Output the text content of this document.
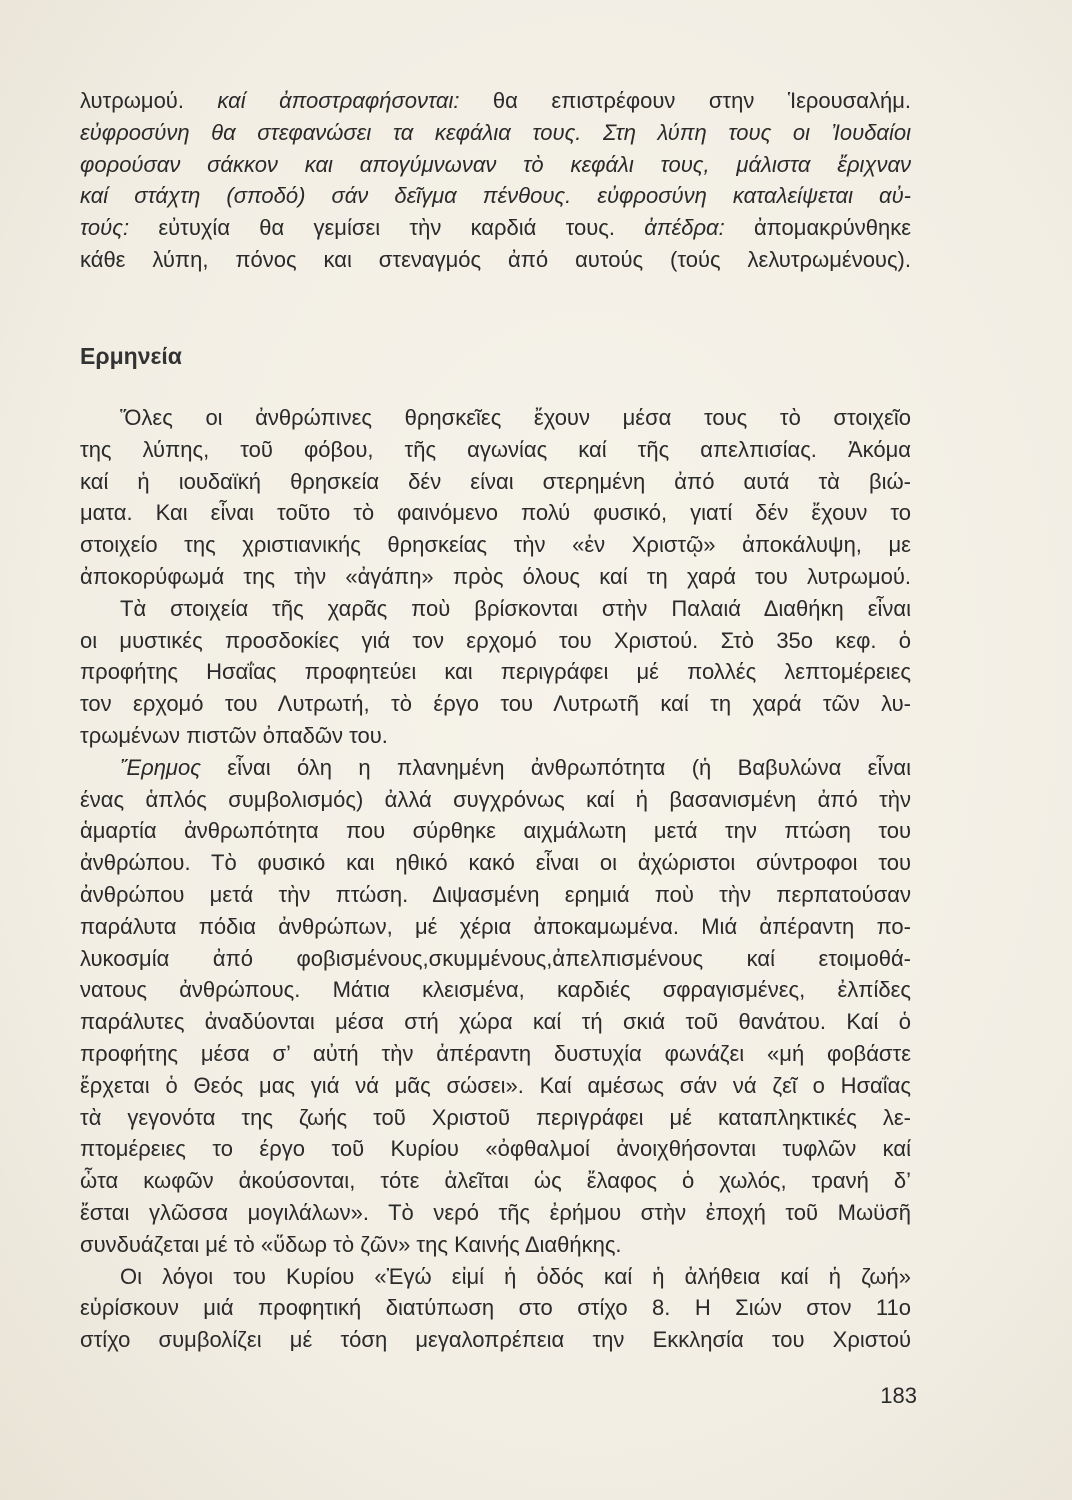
λυτρωμού. καί ἀποστραφήσονται: θα επιστρέφουν στην Ἱερουσαλήμ.
εὐφροσύνη θα στεφανώσει τα κεφάλια τους. Στη λύπη τους οι Ἰουδαίοι
φορούσαν σάκκον και απογύμνωναν τὸ κεφάλι τους, μάλιστα ἔριχναν
καί στάχτη (σποδό) σάν δεῖγμα πένθους. εὐφροσύνη καταλείψεται αὐ-
τούς: εὐτυχία θα γεμίσει τὴν καρδιά τους. ἀπέδρα: ἀπομακρύνθηκε
κάθε λύπη, πόνος και στεναγμός ἀπό αυτούς (τούς λελυτρωμένους).
Ερμηνεία
Ὅλες οι ἀνθρώπινες θρησκεῖες ἔχουν μέσα τους τὸ στοιχεῖο
της λύπης, τοῦ φόβου, τῆς αγωνίας καί τῆς απελπισίας. Ἀκόμα
καί ἡ ιουδαϊκή θρησκεία δέν είναι στερημένη ἀπό αυτά τὰ βιώ-
ματα. Και εἶναι τοῦτο τὸ φαινόμενο πολύ φυσικό, γιατί δέν ἔχουν το
στοιχείο της χριστιανικής θρησκείας τὴν «ἐν Χριστῷ» ἀποκάλυψη, με
ἀποκορύφωμά της τὴν «ἀγάπη» πρὸς όλους καί τη χαρά του λυτρωμού.
Τὰ στοιχεία τῆς χαρᾶς ποὺ βρίσκονται στὴν Παλαιά Διαθήκη εἶναι
οι μυστικές προσδοκίες γιά τον ερχομό του Χριστού. Στὸ 35ο κεφ. ὁ
προφήτης Ησαΐας προφητεύει και περιγράφει μέ πολλές λεπτομέρειες
τον ερχομό του Λυτρωτή, τὸ έργο του Λυτρωτῆ καί τη χαρά τῶν λυ-
τρωμένων πιστῶν ὀπαδῶν του.
Ἔρημος εἶναι όλη η πλανημένη ἀνθρωπότητα (ἡ Βαβυλώνα εἶναι
ένας ἁπλός συμβολισμός) ἀλλά συγχρόνως καί ἡ βασανισμένη ἀπό τὴν
ἁμαρτία ἀνθρωπότητα που σύρθηκε αιχμάλωτη μετά την πτώση του
ἀνθρώπου. Τὸ φυσικό και ηθικό κακό εἶναι οι ἀχώριστοι σύντροφοι του
ἀνθρώπου μετά τὴν πτώση. Διψασμένη ερημιά ποὺ τὴν περπατούσαν
παράλυτα πόδια ἀνθρώπων, μέ χέρια ἀποκαμωμένα. Μιά ἀπέραντη πο-
λυκοσμία ἀπό φοβισμένους,σκυμμένους,ἀπελπισμένους καί ετοιμοθά-
νατους ἀνθρώπους. Μάτια κλεισμένα, καρδιές σφραγισμένες, ἐλπίδες
παράλυτες ἀναδύονται μέσα στή χώρα καί τή σκιά τοῦ θανάτου. Καί ὁ
προφήτης μέσα σ’ αὐτή τὴν ἀπέραντη δυστυχία φωνάζει «μή φοβάστε
ἔρχεται ὁ Θεός μας γιά νά μᾶς σώσει». Καί αμέσως σάν νά ζεῖ ο Ησαΐας
τὰ γεγονότα της ζωής τοῦ Χριστοῦ περιγράφει μέ καταπληκτικές λε-
πτομέρειες το έργο τοῦ Κυρίου «ὀφθαλμοί ἀνοιχθήσονται τυφλῶν καί
ὦτα κωφῶν ἀκούσονται, τότε ἁλεῖται ὡς ἔλαφος ὁ χωλός, τρανή δ’
ἔσται γλῶσσα μογιλάλων». Τὸ νερό τῆς ἐρήμου στὴν ἐποχή τοῦ Μωϋσῆ
συνδυάζεται μέ τὸ «ὕδωρ τὸ ζῶν» της Καινής Διαθήκης.
Οι λόγοι του Κυρίου «Ἐγώ εἰμί ἡ ὁδός καί ἡ ἀλήθεια καί ἡ ζωή»
εὑρίσκουν μιά προφητική διατύπωση στο στίχο 8. Η Σιών στον 11ο
στίχο συμβολίζει μέ τόση μεγαλοπρέπεια την Εκκλησία του Χριστού
183
